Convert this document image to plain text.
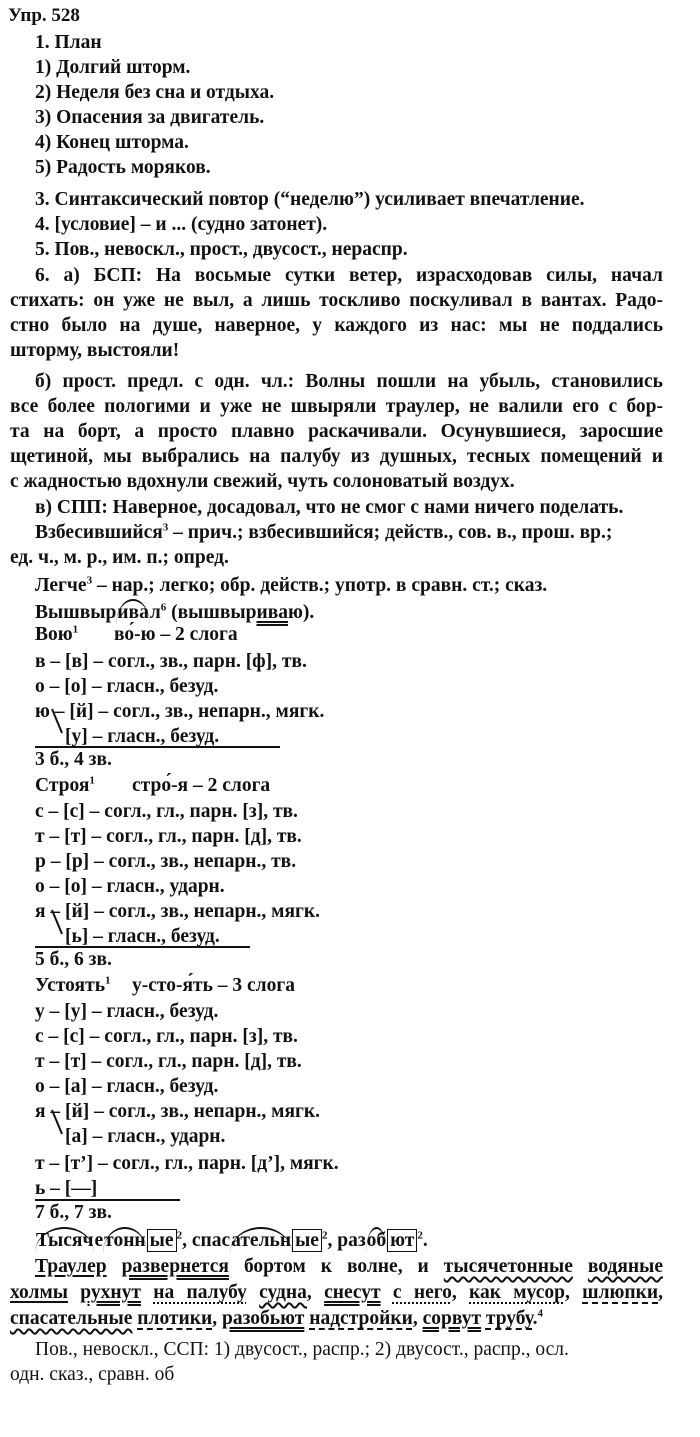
Упр. 528
1. План
1) Долгий шторм.
2) Неделя без сна и отдыха.
3) Опасения за двигатель.
4) Конец шторма.
5) Радость моряков.
3. Синтаксический повтор (“неделю”) усиливает впечатление.
4. [условие] – и ... (судно затонет).
5. Пов., невоскл., прост., двусост., нераспр.
6. а) БСП: На восьмые сутки ветер, израсходовав силы, начал
стихать: он уже не выл, а лишь тоскливо поскуливал в вантах. Радо-
стно было на душе, наверное, у каждого из нас: мы не поддались
шторму, выстояли!
б) прост. предл. с одн. чл.: Волны пошли на убыль, становились
все более пологими и уже не швыряли траулер, не валили его с бор-
та на борт, а просто плавно раскачивали. Осунувшиеся, заросшие
щетиной, мы выбрались на палубу из душных, тесных помещений и
с жадностью вдохнули свежий, чуть солоноватый воздух.
в) СПП: Наверное, досадовал, что не смог с нами ничего поделать.
Взбесившийся$^3$ – прич.; взбесившийся; действ., сов. в., прош. вр.;
ед. ч., м. р., им. п.; опред.
Легче$^3$ – нар.; легко; обр. действ.; употр. в сравн. ст.; сказ.
Вышвыривал$^6$ (вышвыриваю).
Вою$^1$ во́-ю – 2 слога
в – [в] – согл., зв., парн. [ф], тв.
о – [о] – гласн., безуд.
ю – [й] – согл., зв., непарн., мягк.
[у] – гласн., безуд.
3 б., 4 зв.
Строя$^1$ стро́-я – 2 слога
с – [с] – согл., гл., парн. [з], тв.
т – [т] – согл., гл., парн. [д], тв.
р – [р] – согл., зв., непарн., тв.
о – [о] – гласн., ударн.
я – [й] – согл., зв., непарн., мягк.
[ь] – гласн., безуд.
5 б., 6 зв.
Устоять$^1$ у-сто-я́ть – 3 слога
у – [у] – гласн., безуд.
с – [с] – согл., гл., парн. [з], тв.
т – [т] – согл., гл., парн. [д], тв.
о – [а] – гласн., безуд.
я – [й] – согл., зв., непарн., мягк.
[а] – гласн., ударн.
т – [т’] – согл., гл., парн. [д’], мягк.
ь – [—]
7 б., 7 зв.
Тысячетонн ые $^2$, спасательн ые $^2$, разоб ют $^2$.
Траулер развернется бортом к волне, и тысячетонные водяные
холмы рухнут на палубу судна, снесут с него, как мусор, шлюпки,
спасательные плотики, разобьют надстройки, сорвут трубу.$^4$
Пов., невоскл., ССП: 1) двусост., распр.; 2) двусост., распр., осл.
одн. сказ., сравн. об
